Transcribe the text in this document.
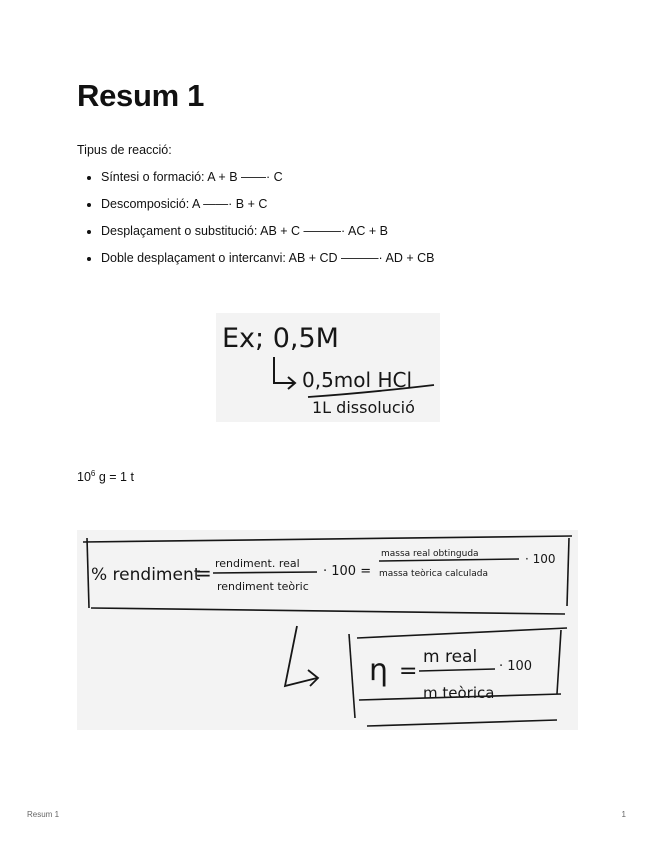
Resum 1
Tipus de reacció:
• Síntesi o formació: A + B ——· C
• Descomposició: A ——· B + C
• Desplaçament o substitució: AB + C ———· AC + B
• Doble desplaçament o intercanvi: AB + CD ———· AD + CB
Ex; 0,5M
0,5mol HCl
1L dissolució
$10^6$ g = 1 t
% rendiment
= rendiment. real
rendiment teòric
· 100 =
massa real obtinguda
massa teòrica calculada
· 100
η =
m real
m teòrica
· 100
Resum 1	1
